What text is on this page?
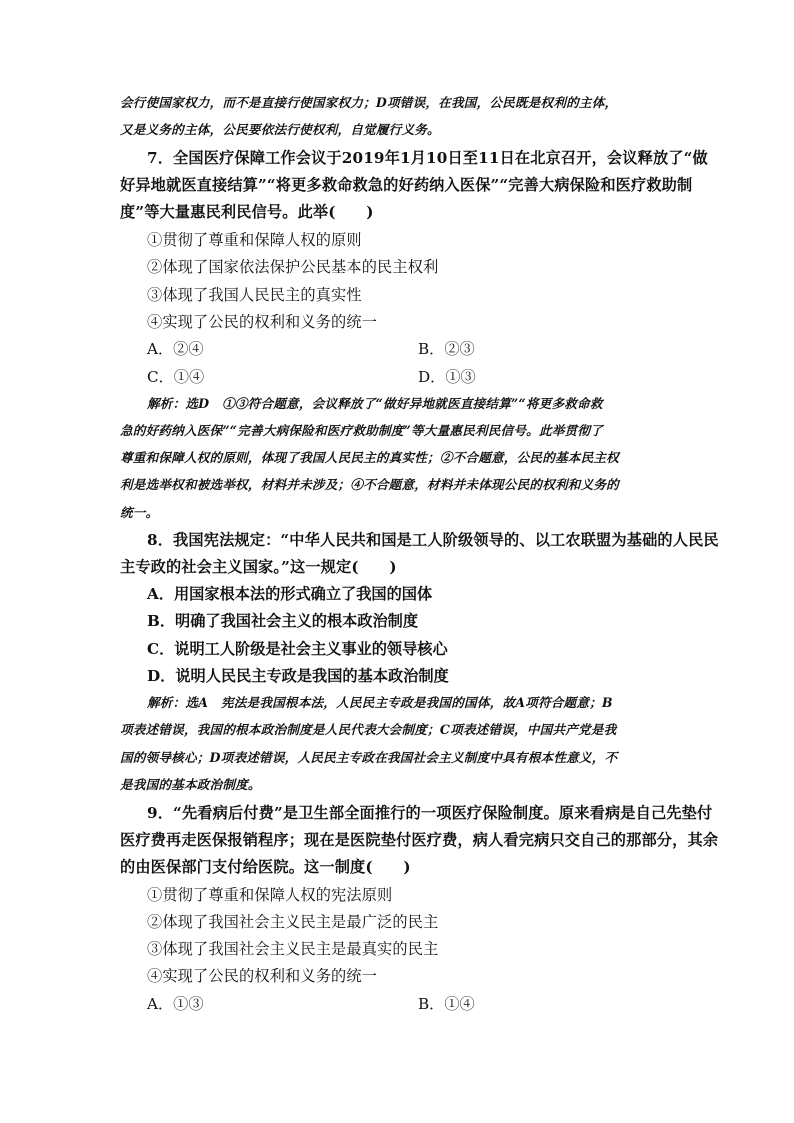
会行使国家权力，而不是直接行使国家权力；D项错误，在我国，公民既是权利的主体，
又是义务的主体，公民要依法行使权利，自觉履行义务。
7．全国医疗保障工作会议于2019年1月10日至11日在北京召开，会议释放了“做
好异地就医直接结算”“将更多救命救急的好药纳入医保”“完善大病保险和医疗救助制
度”等大量惠民利民信号。此举(　　)
①贯彻了尊重和保障人权的原则
②体现了国家依法保护公民基本的民主权利
③体现了我国人民民主的真实性
④实现了公民的权利和义务的统一
A．②④	B．②③
C．①④	D．①③
解析：选D　①③符合题意，会议释放了“做好异地就医直接结算”“将更多救命救
急的好药纳入医保”“完善大病保险和医疗救助制度”等大量惠民利民信号。此举贯彻了
尊重和保障人权的原则，体现了我国人民民主的真实性；②不合题意，公民的基本民主权
利是选举权和被选举权，材料并未涉及；④不合题意，材料并未体现公民的权利和义务的
统一。
8．我国宪法规定：“中华人民共和国是工人阶级领导的、以工农联盟为基础的人民民
主专政的社会主义国家。”这一规定(　　)
A．用国家根本法的形式确立了我国的国体
B．明确了我国社会主义的根本政治制度
C．说明工人阶级是社会主义事业的领导核心
D．说明人民民主专政是我国的基本政治制度
解析：选A　宪法是我国根本法，人民民主专政是我国的国体，故A项符合题意；B
项表述错误，我国的根本政治制度是人民代表大会制度；C项表述错误，中国共产党是我
国的领导核心；D项表述错误，人民民主专政在我国社会主义制度中具有根本性意义，不
是我国的基本政治制度。
9．“先看病后付费”是卫生部全面推行的一项医疗保险制度。原来看病是自己先垫付
医疗费再走医保报销程序；现在是医院垫付医疗费，病人看完病只交自己的那部分，其余
的由医保部门支付给医院。这一制度(　　)
①贯彻了尊重和保障人权的宪法原则
②体现了我国社会主义民主是最广泛的民主
③体现了我国社会主义民主是最真实的民主
④实现了公民的权利和义务的统一
A．①③	B．①④
